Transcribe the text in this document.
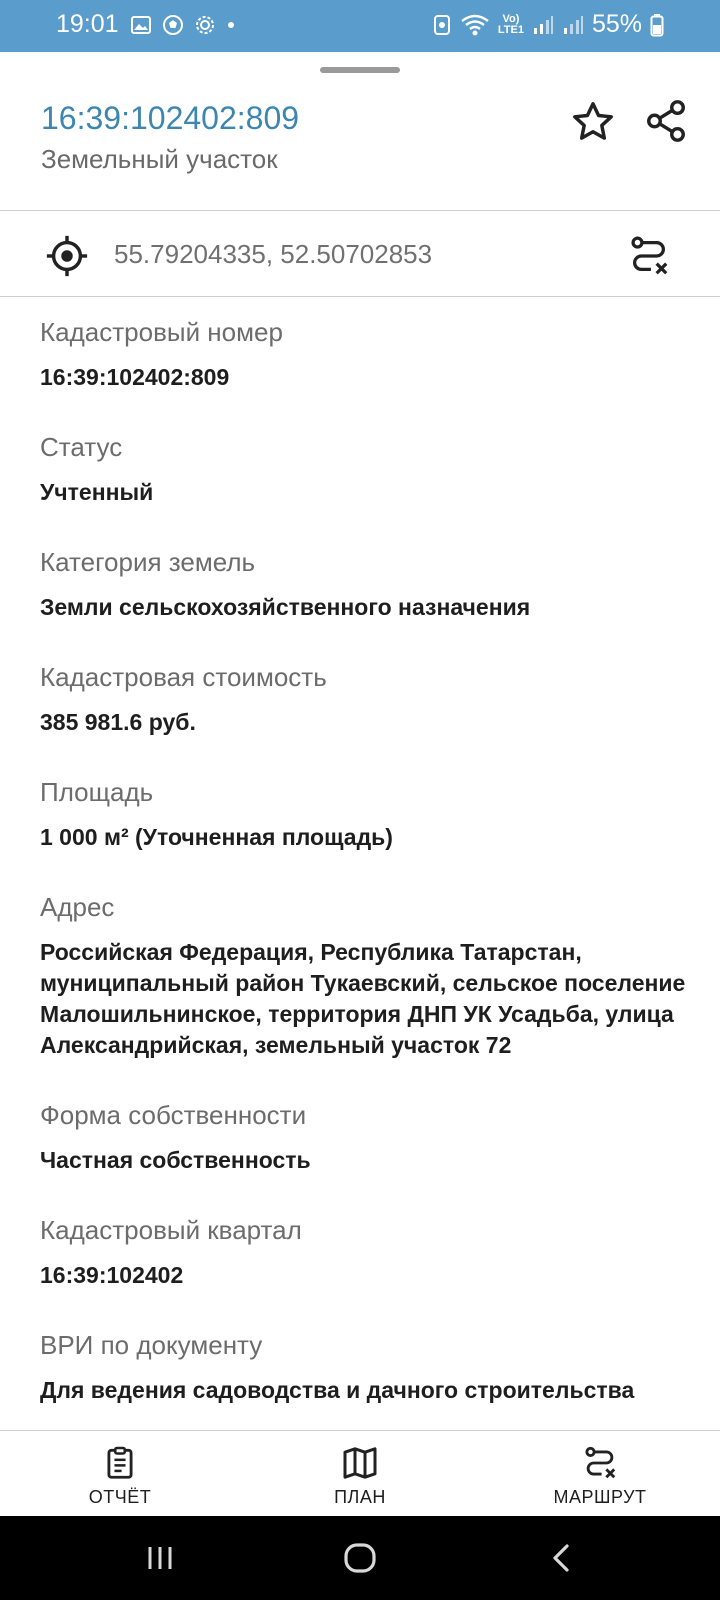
19:01	Vo)
LTE1	55%
16:39:102402:809
Земельный участок
55.79204335, 52.50702853
Кадастровый номер
16:39:102402:809
Статус
Учтенный
Категория земель
Земли сельскохозяйственного назначения
Кадастровая стоимость
385 981.6 руб.
Площадь
1 000 м² (Уточненная площадь)
Адрес
Российская Федерация, Республика Татарстан, муниципальный район Тукаевский, сельское поселение Малошильнинское, территория ДНП УК Усадьба, улица Александрийская, земельный участок 72
Форма собственности
Частная собственность
Кадастровый квартал
16:39:102402
ВРИ по документу
Для ведения садоводства и дачного строительства
ОТЧЁТ	ПЛАН	МАРШРУТ
